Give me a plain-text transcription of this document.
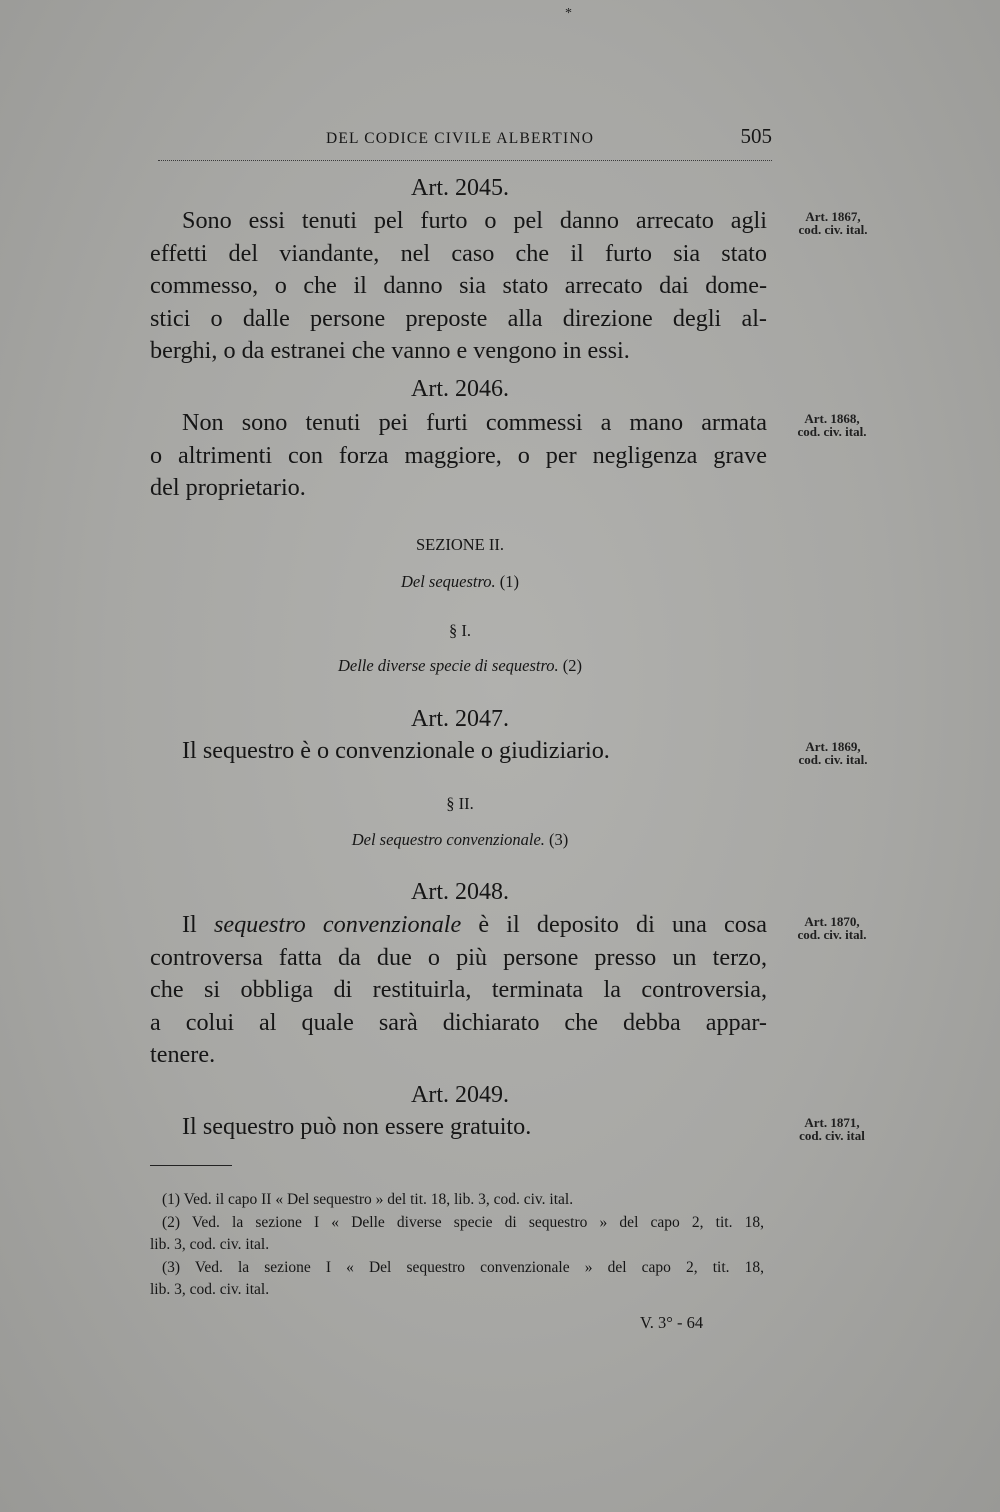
*
DEL CODICE CIVILE ALBERTINO	505
Art. 2045.
Sono essi tenuti pel furto o pel danno arrecato agli
effetti del viandante, nel caso che il furto sia stato
commesso, o che il danno sia stato arrecato dai dome-
stici o dalle persone preposte alla direzione degli al-
berghi, o da estranei che vanno e vengono in essi.
Art. 1867,
cod. civ. ital.
Art. 2046.
Non sono tenuti pei furti commessi a mano armata
o altrimenti con forza maggiore, o per negligenza grave
del proprietario.
Art. 1868,
cod. civ. ital.
SEZIONE II.
Del sequestro. (1)
§ I.
Delle diverse specie di sequestro. (2)
Art. 2047.
Il sequestro è o convenzionale o giudiziario.	Art. 1869,
cod. civ. ital.
§ II.
Del sequestro convenzionale. (3)
Art. 2048.
Il sequestro convenzionale è il deposito di una cosa
controversa fatta da due o più persone presso un terzo,
che si obbliga di restituirla, terminata la controversia,
a colui al quale sarà dichiarato che debba appar-
tenere.
Art. 1870,
cod. civ. ital.
Art. 2049.
Il sequestro può non essere gratuito.	Art. 1871,
cod. civ. ital
(1) Ved. il capo II « Del sequestro » del tit. 18, lib. 3, cod. civ. ital.
(2) Ved. la sezione I « Delle diverse specie di sequestro » del capo 2, tit. 18,
lib. 3, cod. civ. ital.
(3) Ved. la sezione I « Del sequestro convenzionale » del capo 2, tit. 18,
lib. 3, cod. civ. ital.
V. 3° - 64
